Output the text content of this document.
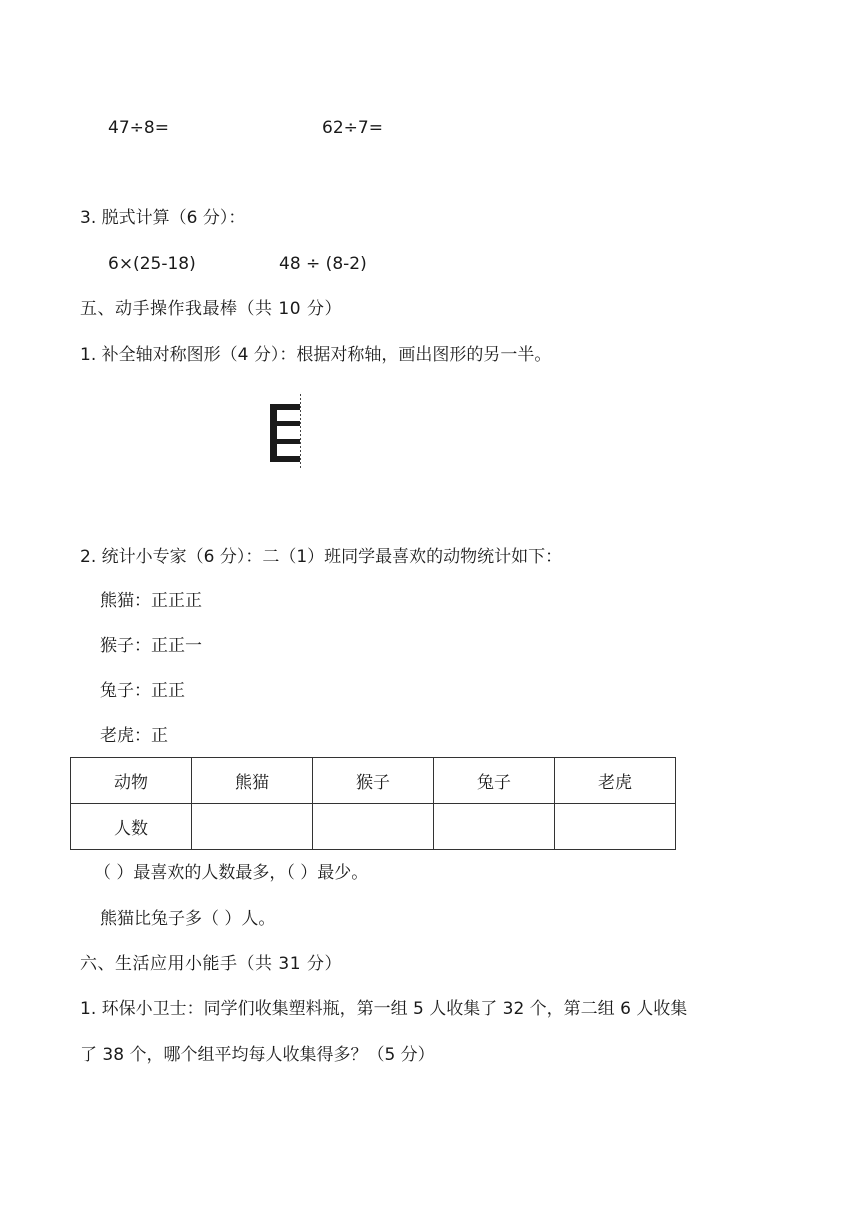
47÷8=	62÷7=
3. 脱式计算（6 分）：
6×(25-18)	48 ÷ (8-2)
五、动手操作我最棒（共 10 分）
1. 补全轴对称图形（4 分）：根据对称轴，画出图形的另一半。
2. 统计小专家（6 分）：二（1）班同学最喜欢的动物统计如下：
熊猫：正正正
猴子：正正一
兔子：正正
老虎：正
动物	熊猫	猴子	兔子	老虎
人数				
（ ）最喜欢的人数最多，（ ）最少。
熊猫比兔子多（ ）人。
六、生活应用小能手（共 31 分）
1. 环保小卫士：同学们收集塑料瓶，第一组 5 人收集了 32 个，第二组 6 人收集
了 38 个，哪个组平均每人收集得多？（5 分）
